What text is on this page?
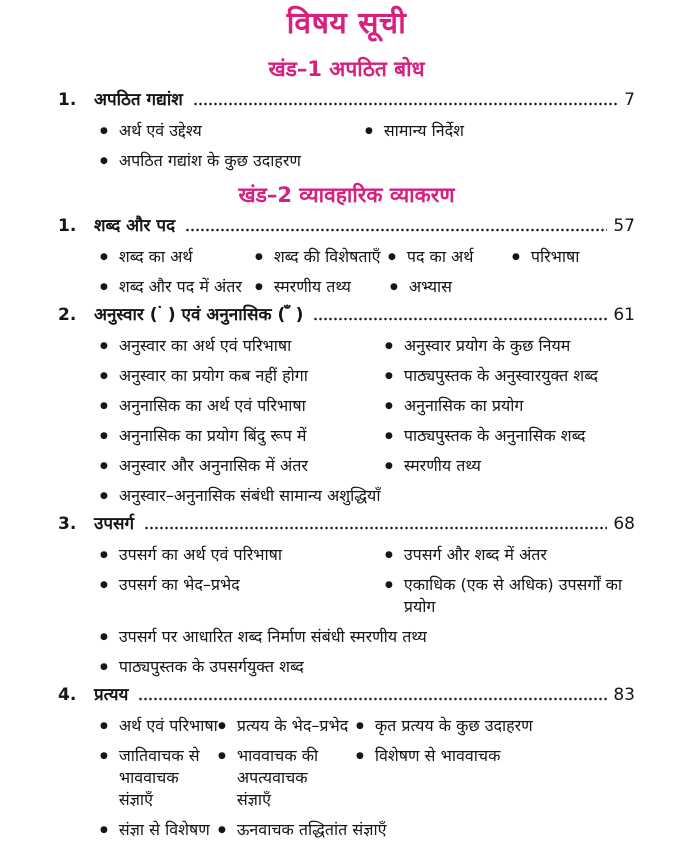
विषय सूची
खंड–1 अपठित बोध
1.	अपठित गद्यांश	7
● अर्थ एवं उद्देश्य	● सामान्य निर्देश
● अपठित गद्यांश के कुछ उदाहरण
खंड–2 व्यावहारिक व्याकरण
1.	शब्द और पद	57
● शब्द का अर्थ	● शब्द की विशेषताएँ ● पद का अर्थ	● परिभाषा
● शब्द और पद में अंतर ● स्मरणीय तथ्य	● अभ्यास
2.	अनुस्वार ( ं ) एवं अनुनासिक ( ँ )	61
● अनुस्वार का अर्थ एवं परिभाषा	● अनुस्वार प्रयोग के कुछ नियम
● अनुस्वार का प्रयोग कब नहीं होगा	● पाठ्यपुस्तक के अनुस्वारयुक्त शब्द
● अनुनासिक का अर्थ एवं परिभाषा	● अनुनासिक का प्रयोग
● अनुनासिक का प्रयोग बिंदु रूप में	● पाठ्यपुस्तक के अनुनासिक शब्द
● अनुस्वार और अनुनासिक में अंतर	● स्मरणीय तथ्य
● अनुस्वार–अनुनासिक संबंधी सामान्य अशुद्धियाँ
3.	उपसर्ग	68
● उपसर्ग का अर्थ एवं परिभाषा	● उपसर्ग और शब्द में अंतर
● उपसर्ग का भेद–प्रभेद	● एकाधिक (एक से अधिक) उपसर्गों का प्रयोग
● उपसर्ग पर आधारित शब्द निर्माण संबंधी स्मरणीय तथ्य
● पाठ्यपुस्तक के उपसर्गयुक्त शब्द
4.	प्रत्यय	83
● अर्थ एवं परिभाषा ● प्रत्यय के भेद–प्रभेद ● कृत प्रत्यय के कुछ उदाहरण
● जातिवाचक से भाववाचक
संज्ञाएँ
● भाववाचक की अपत्यवाचक
संज्ञाएँ
● विशेषण से भाववाचक
● संज्ञा से विशेषण ● ऊनवाचक तद्धितांत संज्ञाएँ
